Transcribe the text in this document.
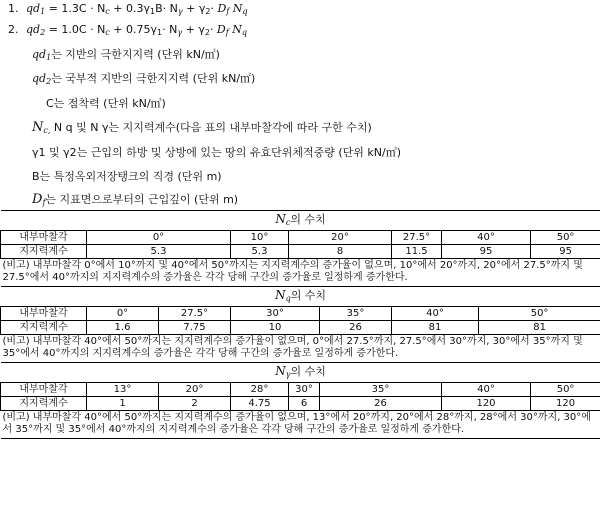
1. $qd_1 = 1.3C \cdot N_c + 0.3\gamma_1B\cdot N_\gamma + \gamma_2\cdot D_f$ $N_q$
2. $qd_2 = 1.0C \cdot N_c + 0.75\gamma_1\cdot N_\gamma + \gamma_2\cdot D_f$ $N_q$
$qd_1$는 지반의 극한지지력 (단위 kN/㎡)
$qd_2$는 국부적 지반의 극한지지력 (단위 kN/㎡)
C는 점착력 (단위 kN/㎡)
$N_{c,}$ N q 및 N γ는 지지력계수(다음 표의 내부마찰각에 따라 구한 수치)
γ1 및 γ2는 근입의 하방 및 상방에 있는 땅의 유효단위체적중량 (단위 kN/㎥)
B는 특정옥외저장탱크의 직경 (단위 m)
$D_f$는 지표면으로부터의 근입깊이 (단위 m)
$N_c$의 수치									
내부마찰각	0°		10°	20°		27.5°	40°		50°
지지력계수	5.3		5.3	8		11.5	95		95
(비고) 내부마찰각 0°에서 10°까지 및 40°에서 50°까지는 지지력계수의 증가율이 없으며, 10°에서 20°까지, 20°에서 27.5°까지 및 27.5°에서 40°까지의 지지력계수의 증가율은 각각 당해 구간의 증가율로 일정하게 증가한다.									
$N_q$의 수치									
내부마찰각	0°	27.5°	30°		35°	40°		50°	
지지력계수	1.6	7.75	10		26	81		81	
(비고) 내부마찰각 40°에서 50°까지는 지지력계수의 증가율이 없으며, 0°에서 27.5°까지, 27.5°에서 30°까지, 30°에서 35°까지 및 35°에서 40°까지의 지지력계수의 증가율은 각각 당해 구간의 증가율로 일정하게 증가한다.									
$N_\gamma$의 수치									
내부마찰각	13°	20°	28°	30°	35°		40°		50°
지지력계수	1	2	4.75	6	26		120		120
(비고) 내부마찰각 40°에서 50°까지는 지지력계수의 증가율이 없으며, 13°에서 20°까지, 20°에서 28°까지, 28°에서 30°까지, 30°에서 35°까지 및 35°에서 40°까지의 지지력계수의 증가율은 각각 당해 구간의 증가율로 일정하게 증가한다.									
